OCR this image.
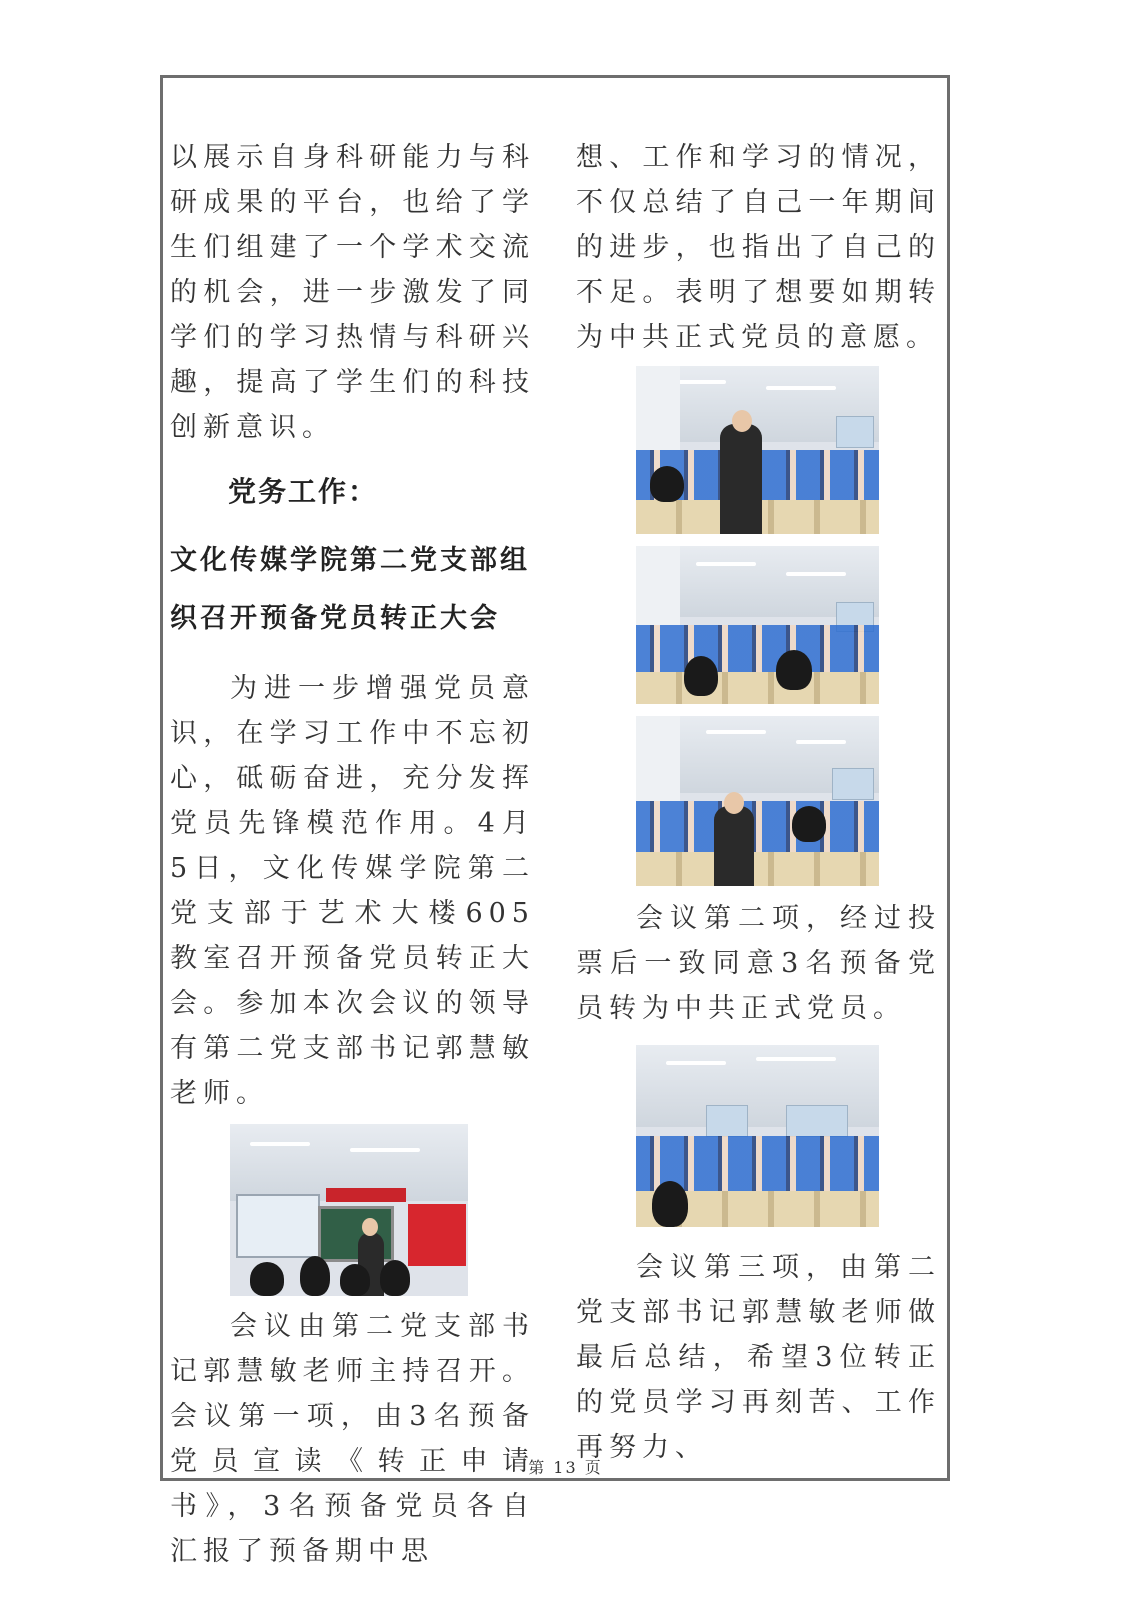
以展示自身科研能力与科研成果的平台，也给了学生们组建了一个学术交流的机会，进一步激发了同学们的学习热情与科研兴趣，提高了学生们的科技创新意识。

党务工作：
文化传媒学院第二党支部组织召开预备党员转正大会

为进一步增强党员意识，在学习工作中不忘初心，砥砺奋进，充分发挥党员先锋模范作用。4月5日，文化传媒学院第二党支部于艺术大楼605教室召开预备党员转正大会。参加本次会议的领导有第二党支部书记郭慧敏老师。

会议由第二党支部书记郭慧敏老师主持召开。会议第一项，由3名预备党员宣读《转正申请书》，3名预备党员各自汇报了预备期中思

想、工作和学习的情况，不仅总结了自己一年期间的进步，也指出了自己的不足。表明了想要如期转为中共正式党员的意愿。

会议第二项，经过投票后一致同意3名预备党员转为中共正式党员。

会议第三项，由第二党支部书记郭慧敏老师做最后总结，希望3位转正的党员学习再刻苦、工作再努力、

第 13 页
